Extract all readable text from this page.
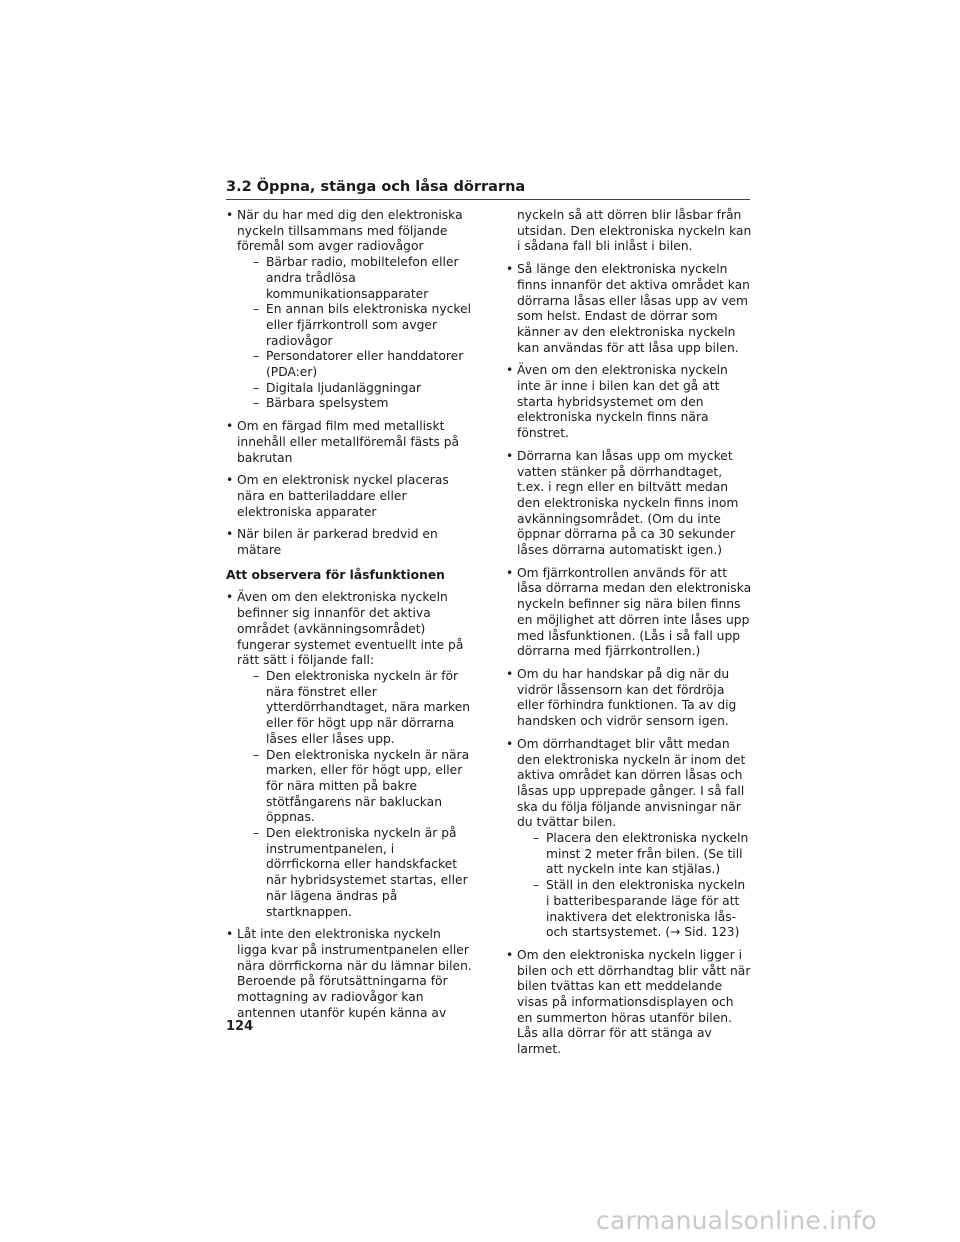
3.2 Öppna, stänga och låsa dörrarna
• När du har med dig den elektroniska nyckeln tillsammans med följande föremål som avger radiovågor
– Bärbar radio, mobiltelefon eller andra trådlösa kommunikationsapparater
– En annan bils elektroniska nyckel eller fjärrkontroll som avger radiovågor
– Persondatorer eller handdatorer (PDA:er)
– Digitala ljudanläggningar
– Bärbara spelsystem
• Om en färgad film med metalliskt innehåll eller metallföremål fästs på bakrutan
• Om en elektronisk nyckel placeras nära en batteriladdare eller elektroniska apparater
• När bilen är parkerad bredvid en mätare
Att observera för låsfunktionen
• Även om den elektroniska nyckeln befinner sig innanför det aktiva området (avkänningsområdet) fungerar systemet eventuellt inte på rätt sätt i följande fall:
– Den elektroniska nyckeln är för nära fönstret eller ytterdörrhandtaget, nära marken eller för högt upp när dörrarna låses eller låses upp.
– Den elektroniska nyckeln är nära marken, eller för högt upp, eller för nära mitten på bakre stötfångarens när bakluckan öppnas.
– Den elektroniska nyckeln är på instrumentpanelen, i dörrfickorna eller handskfacket när hybridsystemet startas, eller när lägena ändras på startknappen.
• Låt inte den elektroniska nyckeln ligga kvar på instrumentpanelen eller nära dörrfickorna när du lämnar bilen. Beroende på förutsättningarna för mottagning av radiovågor kan antennen utanför kupén känna av
nyckeln så att dörren blir låsbar från utsidan. Den elektroniska nyckeln kan i sådana fall bli inlåst i bilen.
• Så länge den elektroniska nyckeln finns innanför det aktiva området kan dörrarna låsas eller låsas upp av vem som helst. Endast de dörrar som känner av den elektroniska nyckeln kan användas för att låsa upp bilen.
• Även om den elektroniska nyckeln inte är inne i bilen kan det gå att starta hybridsystemet om den elektroniska nyckeln finns nära fönstret.
• Dörrarna kan låsas upp om mycket vatten stänker på dörrhandtaget, t.ex. i regn eller en biltvätt medan den elektroniska nyckeln finns inom avkänningsområdet. (Om du inte öppnar dörrarna på ca 30 sekunder låses dörrarna automatiskt igen.)
• Om fjärrkontrollen används för att låsa dörrarna medan den elektroniska nyckeln befinner sig nära bilen finns en möjlighet att dörren inte låses upp med låsfunktionen. (Lås i så fall upp dörrarna med fjärrkontrollen.)
• Om du har handskar på dig när du vidrör låssensorn kan det fördröja eller förhindra funktionen. Ta av dig handsken och vidrör sensorn igen.
• Om dörrhandtaget blir vått medan den elektroniska nyckeln är inom det aktiva området kan dörren låsas och låsas upp upprepade gånger. I så fall ska du följa följande anvisningar när du tvättar bilen.
– Placera den elektroniska nyckeln minst 2 meter från bilen. (Se till att nyckeln inte kan stjälas.)
– Ställ in den elektroniska nyckeln i batteribesparande läge för att inaktivera det elektroniska lås- och startsystemet. (→ Sid. 123)
• Om den elektroniska nyckeln ligger i bilen och ett dörrhandtag blir vått när bilen tvättas kan ett meddelande visas på informationsdisplayen och en summerton höras utanför bilen. Lås alla dörrar för att stänga av larmet.
124
carmanualsonline.info
